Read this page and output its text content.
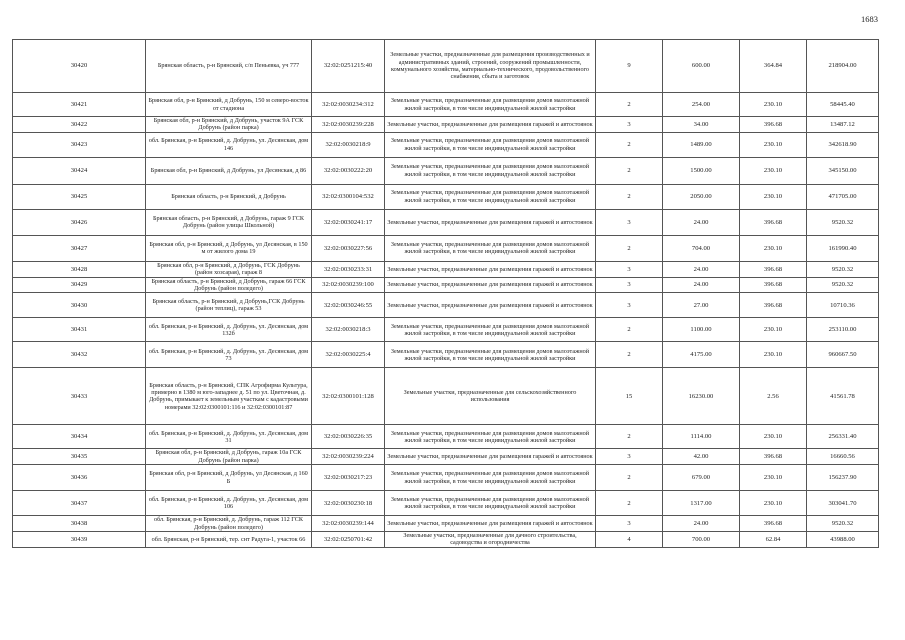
1683
30420	Брянская область, р-н Брянский, с/п Пеньевка, уч 777	32:02:0251215:40	Земельные участки, предназначенные для размещения производственных и административных зданий, строений, сооружений промышленности, коммунального хозяйства, материально-технического, продовольственного снабжения, сбыта и заготовок	9	600.00	364.84	218904.00
30421	Брянская обл, р-н Брянский, д Добрунь, 150 м северо-восток от стадиона	32:02:0030234:312	Земельные участки, предназначенные для размещения домов малоэтажной жилой застройки, в том числе индивидуальной жилой застройки	2	254.00	230.10	58445.40
30422	Брянская обл, р-н Брянский, д Добрунь, участок 9А ГСК Добрунь (район парка)	32:02:0030239:228	Земельные участки, предназначенные для размещения гаражей и автостоянок	3	34.00	396.68	13487.12
30423	обл. Брянская, р-н Брянский, д. Добрунь, ул. Десянская, дом 146	32:02:0030218:9	Земельные участки, предназначенные для размещения домов малоэтажной жилой застройки, в том числе индивидуальной жилой застройки	2	1489.00	230.10	342618.90
30424	Брянская обл, р-н Брянский, д Добрунь, ул Десянская, д 86	32:02:0030222:20	Земельные участки, предназначенные для размещения домов малоэтажной жилой застройки, в том числе индивидуальной жилой застройки	2	1500.00	230.10	345150.00
30425	Брянская область, р-н Брянский, д Добрунь	32:02:0300104:532	Земельные участки, предназначенные для размещения домов малоэтажной жилой застройки, в том числе индивидуальной жилой застройки	2	2050.00	230.10	471705.00
30426	Брянская область, р-н Брянский, д Добрунь, гараж 9 ГСК Добрунь (район улицы Школьной)	32:02:0030241:17	Земельные участки, предназначенные для размещения гаражей и автостоянок	3	24.00	396.68	9520.32
30427	Брянская обл, р-н Брянский, д Добрунь, ул Десянская, в 150 м от жилого дома 19	32:02:0030227:56	Земельные участки, предназначенные для размещения домов малоэтажной жилой застройки, в том числе индивидуальной жилой застройки	2	704.00	230.10	161990.40
30428	Брянская обл, р-н Брянский, д Добрунь, ГСК Добрунь (район хозсарая), гараж 8	32:02:0030233:31	Земельные участки, предназначенные для размещения гаражей и автостоянок	3	24.00	396.68	9520.32
30429	Брянская область, р-н Брянский, д Добрунь, гараж 66 ГСК Добрунь (район поледего)	32:02:0030239:100	Земельные участки, предназначенные для размещения гаражей и автостоянок	3	24.00	396.68	9520.32
30430	Брянская область, р-н Брянский, д Добрунь,ГСК Добрунь (район теплиц), гараж 53	32:02:0030246:55	Земельные участки, предназначенные для размещения гаражей и автостоянок	3	27.00	396.68	10710.36
30431	обл. Брянская, р-н Брянский, д. Добрунь, ул. Десянская, дом 132б	32:02:0030218:3	Земельные участки, предназначенные для размещения домов малоэтажной жилой застройки, в том числе индивидуальной жилой застройки	2	1100.00	230.10	253110.00
30432	обл. Брянская, р-н Брянский, д. Добрунь, ул. Десянская, дом 73	32:02:0030225:4	Земельные участки, предназначенные для размещения домов малоэтажной жилой застройки, в том числе индивидуальной жилой застройки	2	4175.00	230.10	960667.50
30433	Брянская область, р-н Брянский, СПК Агрофирма Культура, примерно в 1380 м юго-западнее д. 51 по ул. Цветочная, д. Добрунь, примыкает к земельным участкам с кадастровыми номерами 32:02:0300101:116 и 32:02:0300101:87	32:02:0300101:128	Земельные участки, предназначенные для сельскохозяйственного использования	15	16230.00	2.56	41561.78
30434	обл. Брянская, р-н Брянский, д. Добрунь, ул. Десянская, дом 31	32:02:0030226:35	Земельные участки, предназначенные для размещения домов малоэтажной жилой застройки, в том числе индивидуальной жилой застройки	2	1114.00	230.10	256331.40
30435	Брянская обл, р-н Брянский, д Добрунь, гараж 10а ГСК Добрунь (район парка)	32:02:0030239:224	Земельные участки, предназначенные для размещения гаражей и автостоянок	3	42.00	396.68	16660.56
30436	Брянская обл, р-н Брянский, д Добрунь, ул Десянская, д 160 Б	32:02:0030217:23	Земельные участки, предназначенные для размещения домов малоэтажной жилой застройки, в том числе индивидуальной жилой застройки	2	679.00	230.10	156237.90
30437	обл. Брянская, р-н Брянский, д. Добрунь, ул. Десянская, дом 106	32:02:0030230:18	Земельные участки, предназначенные для размещения домов малоэтажной жилой застройки, в том числе индивидуальной жилой застройки	2	1317.00	230.10	303041.70
30438	обл. Брянская, р-н Брянский, д. Добрунь, гараж 112 ГСК Добрунь (район поледего)	32:02:0030239:144	Земельные участки, предназначенные для размещения гаражей и автостоянок	3	24.00	396.68	9520.32
30439	обл. Брянская, р-н Брянский, тер. снт Радуга-1, участок 66	32:02:0250701:42	Земельные участки, предназначенные для дачного строительства, садоводства и огородничества	4	700.00	62.84	43988.00
